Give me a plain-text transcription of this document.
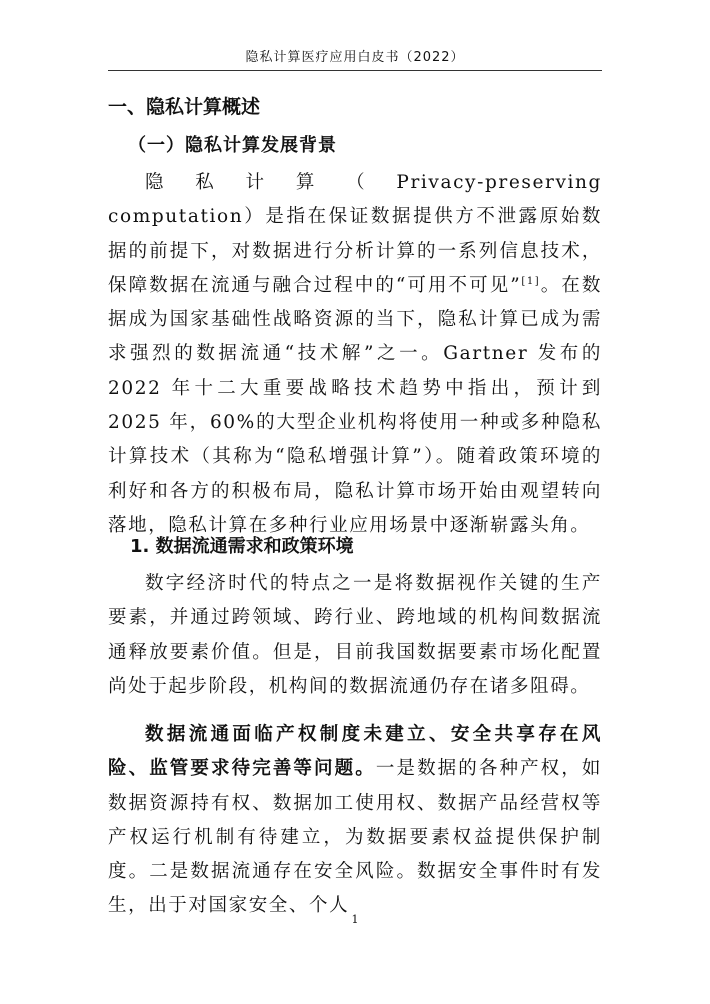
隐私计算医疗应用白皮书（2022）
一、隐私计算概述
（一）隐私计算发展背景

隐私计算（Privacy-preserving computation）是指在保证数据提供方不泄露原始数据的前提下，对数据进行分析计算的一系列信息技术，保障数据在流通与融合过程中的“可用不可见”[1]。在数据成为国家基础性战略资源的当下，隐私计算已成为需求强烈的数据流通“技术解”之一。Gartner 发布的 2022 年十二大重要战略技术趋势中指出，预计到 2025 年，60%的大型企业机构将使用一种或多种隐私计算技术（其称为“隐私增强计算”）。随着政策环境的利好和各方的积极布局，隐私计算市场开始由观望转向落地，隐私计算在多种行业应用场景中逐渐崭露头角。

1. 数据流通需求和政策环境

数字经济时代的特点之一是将数据视作关键的生产要素，并通过跨领域、跨行业、跨地域的机构间数据流通释放要素价值。但是，目前我国数据要素市场化配置尚处于起步阶段，机构间的数据流通仍存在诸多阻碍。

数据流通面临产权制度未建立、安全共享存在风险、监管要求待完善等问题。一是数据的各种产权，如数据资源持有权、数据加工使用权、数据产品经营权等产权运行机制有待建立，为数据要素权益提供保护制度。二是数据流通存在安全风险。数据安全事件时有发生，出于对国家安全、个人

1
